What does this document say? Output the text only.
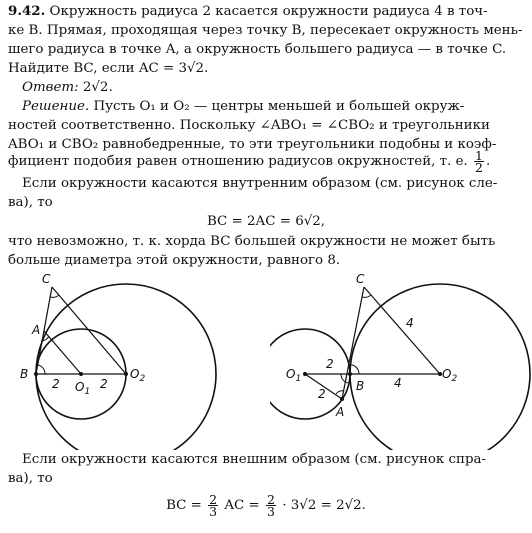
9.42. Окружность радиуса 2 касается окружности радиуса 4 в точ-
ке B. Прямая, проходящая через точку B, пересекает окружность мень-
шего радиуса в точке A, а окружность большего радиуса — в точке C.
Найдите BC, если AC = 3√2.
Ответ: 2√2.
Решение. Пусть O₁ и O₂ — центры меньшей и большей окруж-
ностей соответственно. Поскольку ∠ABO₁ = ∠CBO₂ и треугольники
ABO₁ и CBO₂ равнобедренные, то эти треугольники подобны и коэф-
фициент подобия равен отношению радиусов окружностей, т. е. $\frac{1}{2}$ .
Если окружности касаются внутренним образом (см. рисунок сле-
ва), то
BC = 2AC = 6√2,
что невозможно, т. к. хорда BC большей окружности не может быть
больше диаметра этой окружности, равного 8.
C
A
B
$O_1$
$O_2$
2	2
C
A
B
$O_1$	$O_2$
4
2
4
2
Если окружности касаются внешним образом (см. рисунок спра-
ва), то
BC = $\frac{2}{3}$ AC = $\frac{2}{3} \cdot 3√2 = 2√2$.
